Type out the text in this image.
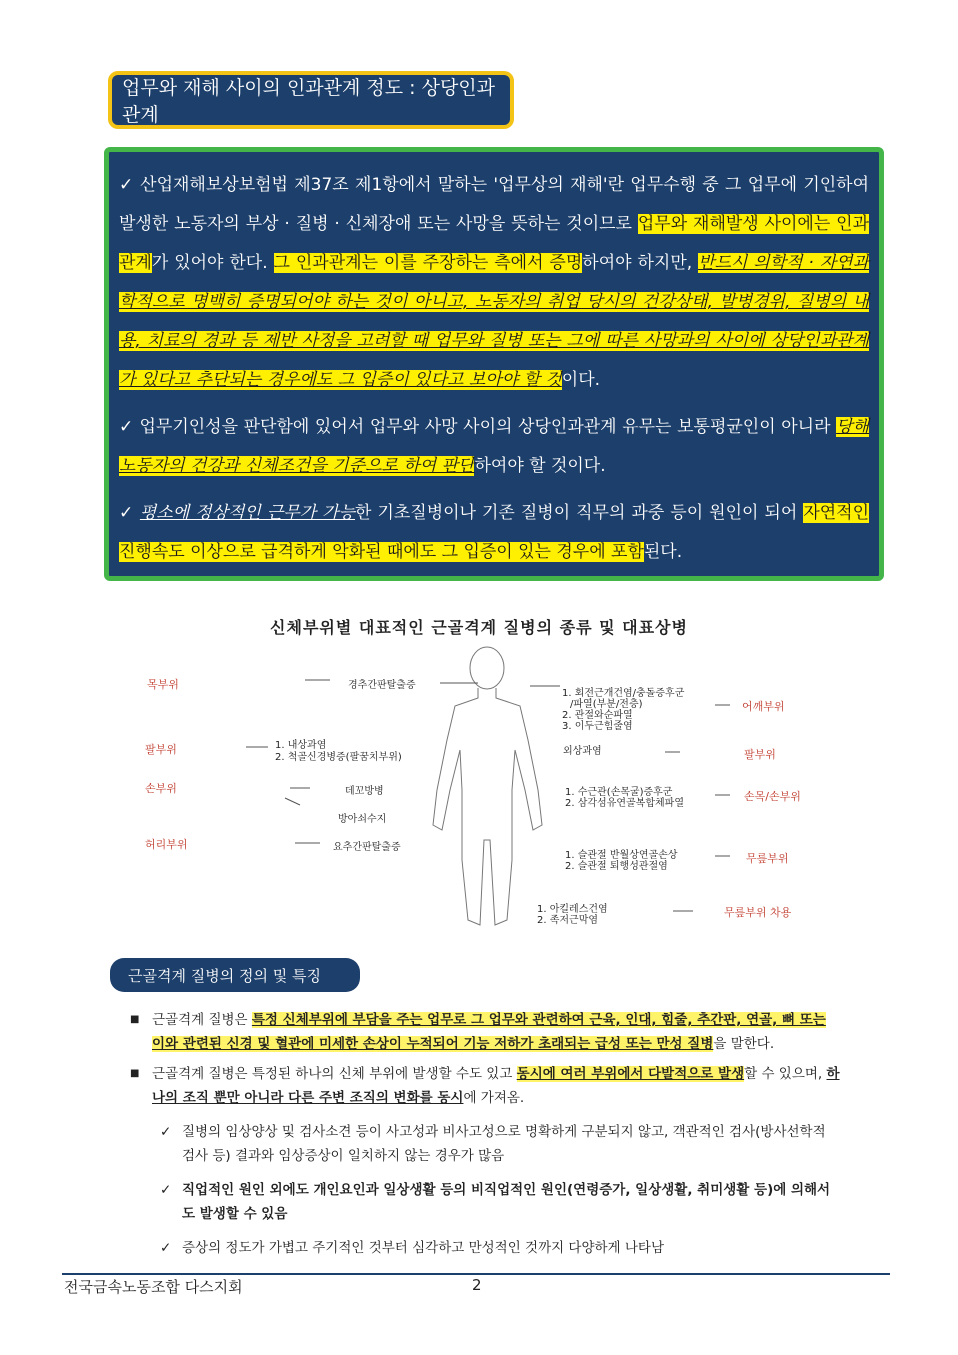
업무와 재해 사이의 인과관계 정도 : 상당인과관계

✓ 산업재해보상보험법 제37조 제1항에서 말하는 '업무상의 재해'란 업무수행 중 그 업무에 기인하여 발생한 노동자의 부상 · 질병 · 신체장애 또는 사망을 뜻하는 것이므로 업무와 재해발생 사이에는 인과관계가 있어야 한다. 그 인과관계는 이를 주장하는 측에서 증명하여야 하지만, 반드시 의학적 · 자연과학적으로 명백히 증명되어야 하는 것이 아니고, 노동자의 취업 당시의 건강상태, 발병경위, 질병의 내용, 치료의 경과 등 제반 사정을 고려할 때 업무와 질병 또는 그에 따른 사망과의 사이에 상당인과관계가 있다고 추단되는 경우에도 그 입증이 있다고 보아야 할 것이다.

✓ 업무기인성을 판단함에 있어서 업무와 사망 사이의 상당인과관계 유무는 보통평균인이 아니라 당해 노동자의 건강과 신체조건을 기준으로 하여 판단하여야 할 것이다.

✓ 평소에 정상적인 근무가 가능한 기초질병이나 기존 질병이 직무의 과중 등이 원인이 되어 자연적인 진행속도 이상으로 급격하게 악화된 때에도 그 입증이 있는 경우에 포함된다.

신체부위별 대표적인 근골격계 질병의 종류 및 대표상병
목부위	경추간판탈출증
팔부위	1. 내상과염
2. 척골신경병증(팔꿈치부위)
손부위	데꼬방병
방아쇠수지
허리부위	요추간판탈출증
1. 회전근개건염/충돌증후군
/파열(부분/전층)
2. 관절와순파열
3. 이두근힘줄염
어깨부위
외상과염	팔부위
1. 수근관(손목굴)증후군
2. 삼각섬유연골복합체파열
손목/손부위
1. 슬관절 반월상연골손상
2. 슬관절 퇴행성관절염
무릎부위
1. 아킬레스건염
2. 족저근막염
무릎부위 차용
근골격계 질병의 정의 및 특징
■ 근골격계 질병은 특정 신체부위에 부담을 주는 업무로 그 업무와 관련하여 근육, 인대, 힘줄, 추간판, 연골, 뼈 또는 이와 관련된 신경 및 혈관에 미세한 손상이 누적되어 기능 저하가 초래되는 급성 또는 만성 질병을 말한다.
■ 근골격계 질병은 특정된 하나의 신체 부위에 발생할 수도 있고 동시에 여러 부위에서 다발적으로 발생할 수 있으며, 하나의 조직 뿐만 아니라 다른 주변 조직의 변화를 동시에 가져옴.
✓ 질병의 임상양상 및 검사소견 등이 사고성과 비사고성으로 명확하게 구분되지 않고, 객관적인 검사(방사선학적 검사 등) 결과와 임상증상이 일치하지 않는 경우가 많음
✓ 직업적인 원인 외에도 개인요인과 일상생활 등의 비직업적인 원인(연령증가, 일상생활, 취미생활 등)에 의해서도 발생할 수 있음
✓ 증상의 정도가 가볍고 주기적인 것부터 심각하고 만성적인 것까지 다양하게 나타남
전국금속노동조합 다스지회	2
